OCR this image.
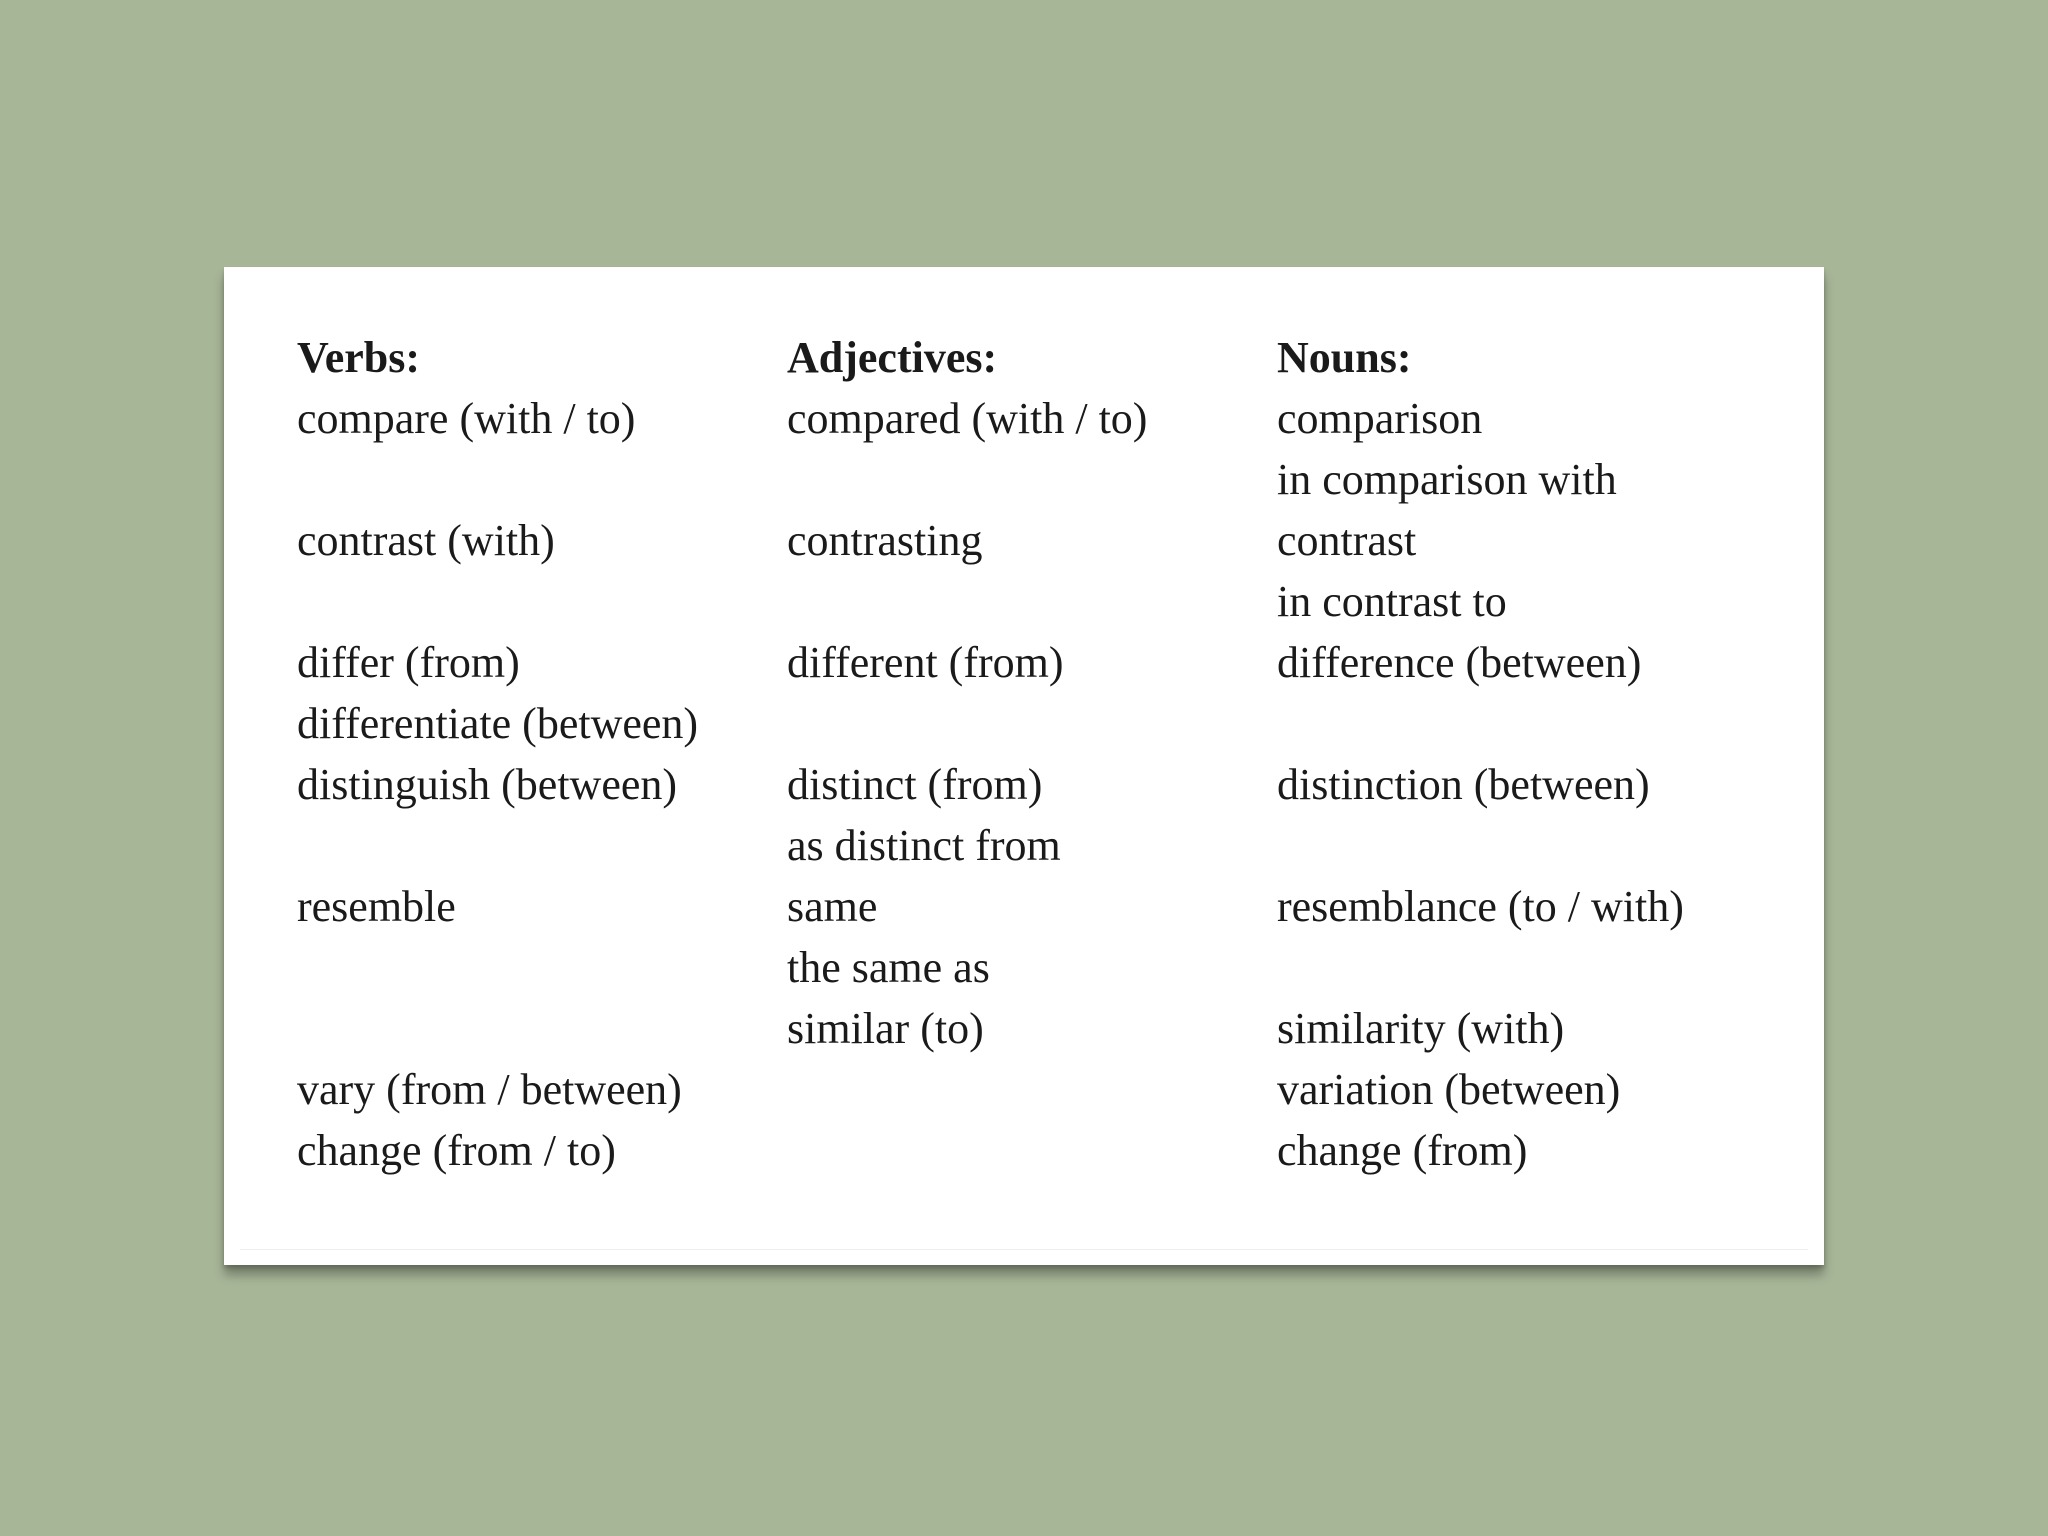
Verbs:
compare (with / to)
contrast (with)
differ (from)
differentiate (between)
distinguish (between)
resemble
vary (from / between)
change (from / to)
Adjectives:
compared (with / to)
contrasting
different (from)
distinct (from)
as distinct from
same
the same as
similar (to)
Nouns:
comparison
in comparison with
contrast
in contrast to
difference (between)
distinction (between)
resemblance (to / with)
similarity (with)
variation (between)
change (from)
